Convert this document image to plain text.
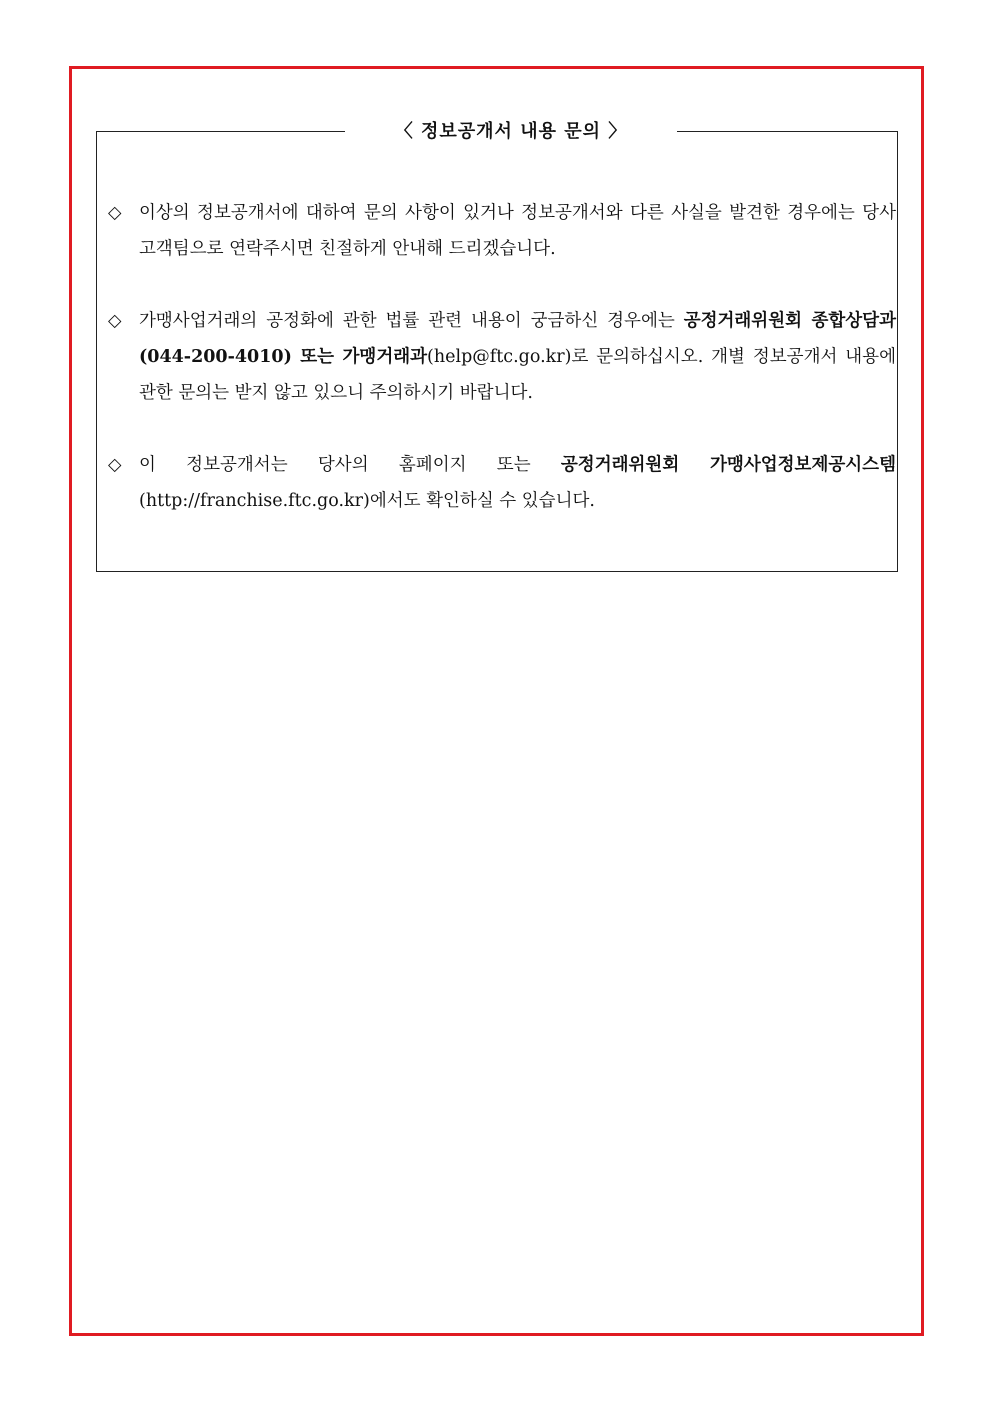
〈 정보공개서 내용 문의 〉
◇	이상의 정보공개서에 대하여 문의 사항이 있거나 정보공개서와 다른 사실을 발견한 경우에는 당사 고객팀으로 연락주시면 친절하게 안내해 드리겠습니다.
◇	가맹사업거래의 공정화에 관한 법률 관련 내용이 궁금하신 경우에는 공정거래위원회 종합상담과(044-200-4010) 또는 가맹거래과(help@ftc.go.kr)로 문의하십시오. 개별 정보공개서 내용에 관한 문의는 받지 않고 있으니 주의하시기 바랍니다.
◇	이 정보공개서는 당사의 홈페이지 또는 공정거래위원회 가맹사업정보제공시스템(http://franchise.ftc.go.kr)에서도 확인하실 수 있습니다.
